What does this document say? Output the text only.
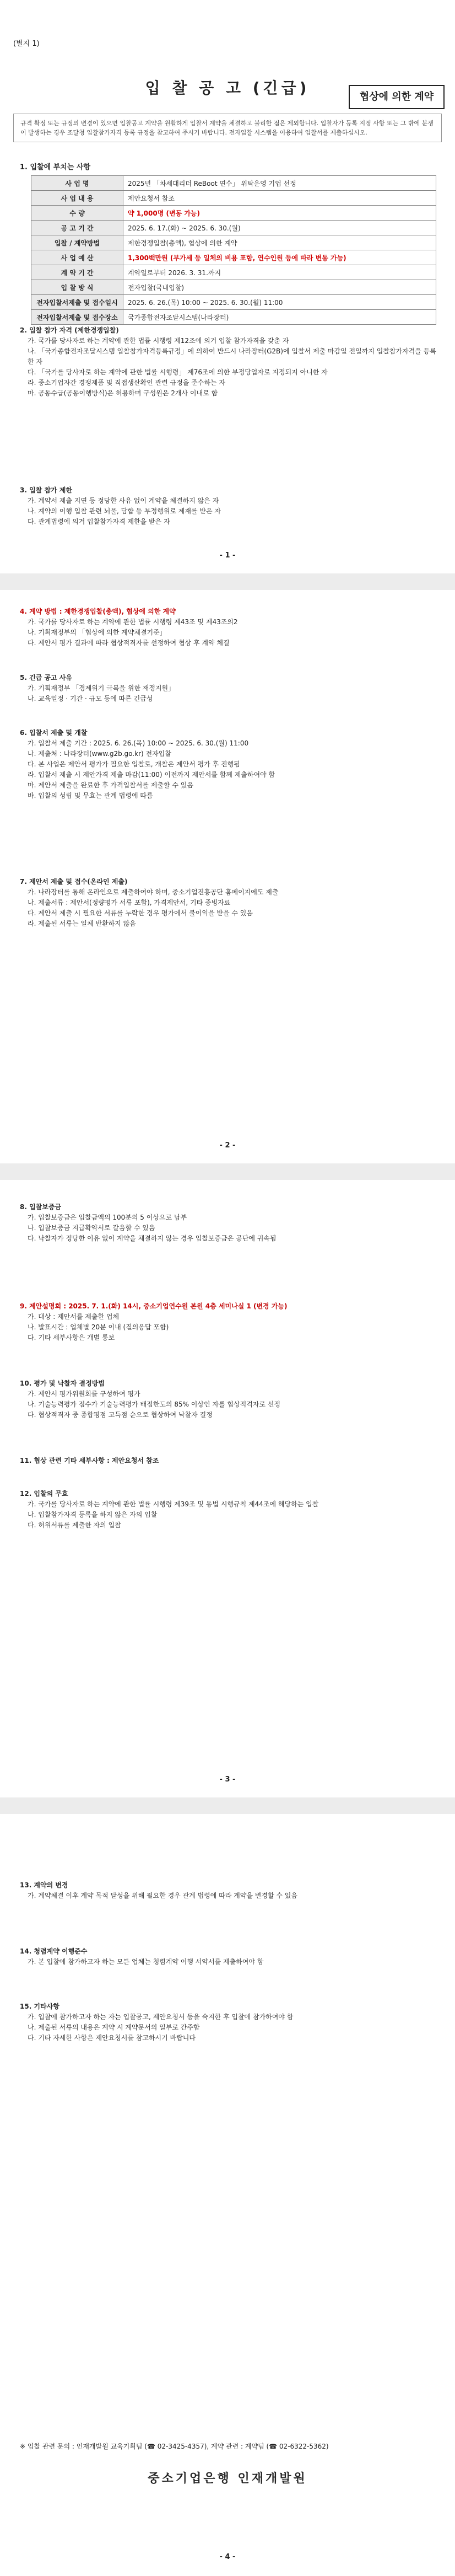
(별지 1)
입 찰 공 고 (긴급)	협상에 의한 계약
규격 확정 또는 규정의 변경이 있으면 입찰공고 계약을 원활하게 입찰서 계약을 체결하고 불리한 점은 제외합니다. 입찰자가 등록 지정 사항 또는 그 밖에 분쟁이 발생하는 경우 조달청 입찰참가자격 등록 규정을 참고하여 주시기 바랍니다. 전자입찰 시스템을 이용하여 입찰서를 제출하십시오.
1. 입찰에 부치는 사항
사 업 명	2025년 「차세대리더 ReBoot 연수」 위탁운영 기업 선정
사 업 내 용	제안요청서 참조
수 량	약 1,000명 (변동 가능)
공 고 기 간	2025. 6. 17.(화) ~ 2025. 6. 30.(월)
입찰 / 계약방법	제한경쟁입찰(총액), 협상에 의한 계약
사 업 예 산	1,300백만원 (부가세 등 일체의 비용 포함, 연수인원 등에 따라 변동 가능)
계 약 기 간	계약일로부터 2026. 3. 31.까지
입 찰 방 식	전자입찰(국내입찰)
전자입찰서제출 및 접수일시	2025. 6. 26.(목) 10:00 ~ 2025. 6. 30.(월) 11:00
전자입찰서제출 및 접수장소	국가종합전자조달시스템(나라장터)

2. 입찰 참가 자격 (제한경쟁입찰)

가. 국가를 당사자로 하는 계약에 관한 법률 시행령 제12조에 의거 입찰 참가자격을 갖춘 자

나. 「국가종합전자조달시스템 입찰참가자격등록규정」에 의하여 반드시 나라장터(G2B)에 입찰서 제출 마감일 전일까지 입찰참가자격을 등록한 자

다. 「국가를 당사자로 하는 계약에 관한 법률 시행령」 제76조에 의한 부정당업자로 지정되지 아니한 자

라. 중소기업자간 경쟁제품 및 직접생산확인 관련 규정을 준수하는 자

마. 공동수급(공동이행방식)은 허용하며 구성원은 2개사 이내로 함

3. 입찰 참가 제한

가. 계약서 제출 지연 등 정당한 사유 없이 계약을 체결하지 않은 자

나. 계약의 이행 입찰 관련 뇌물, 담합 등 부정행위로 제재를 받은 자

다. 관계법령에 의거 입찰참가자격 제한을 받은 자

- 1 -

4. 계약 방법 : 제한경쟁입찰(총액), 협상에 의한 계약

가. 국가를 당사자로 하는 계약에 관한 법률 시행령 제43조 및 제43조의2

나. 기획재정부의 「협상에 의한 계약체결기준」

다. 제안서 평가 결과에 따라 협상적격자를 선정하여 협상 후 계약 체결

5. 긴급 공고 사유

가. 기획재정부 「경제위기 극복을 위한 재정지원」

나. 교육일정 · 기간 · 규모 등에 따른 긴급성

6. 입찰서 제출 및 개찰

가. 입찰서 제출 기간 : 2025. 6. 26.(목) 10:00 ~ 2025. 6. 30.(월) 11:00

나. 제출처 : 나라장터(www.g2b.go.kr) 전자입찰

다. 본 사업은 제안서 평가가 필요한 입찰로, 개찰은 제안서 평가 후 진행됨

라. 입찰서 제출 시 제안가격 제출 마감(11:00) 이전까지 제안서를 함께 제출하여야 함

마. 제안서 제출을 완료한 후 가격입찰서를 제출할 수 있음

바. 입찰의 성립 및 무효는 관계 법령에 따름

7. 제안서 제출 및 접수(온라인 제출)

가. 나라장터를 통해 온라인으로 제출하여야 하며, 중소기업진흥공단 홈페이지에도 제출

나. 제출서류 : 제안서(정량평가 서류 포함), 가격제안서, 기타 증빙자료

다. 제안서 제출 시 필요한 서류를 누락한 경우 평가에서 불이익을 받을 수 있음

라. 제출된 서류는 일체 반환하지 않음

- 2 -

8. 입찰보증금

가. 입찰보증금은 입찰금액의 100분의 5 이상으로 납부

나. 입찰보증금 지급확약서로 갈음할 수 있음

다. 낙찰자가 정당한 이유 없이 계약을 체결하지 않는 경우 입찰보증금은 공단에 귀속됨

9. 제안설명회 : 2025. 7. 1.(화) 14시, 중소기업연수원 본원 4층 세미나실 1 (변경 가능)

가. 대상 : 제안서를 제출한 업체

나. 발표시간 : 업체별 20분 이내 (질의응답 포함)

다. 기타 세부사항은 개별 통보

10. 평가 및 낙찰자 결정방법

가. 제안서 평가위원회를 구성하여 평가

나. 기술능력평가 점수가 기술능력평가 배점한도의 85% 이상인 자를 협상적격자로 선정

다. 협상적격자 중 종합평점 고득점 순으로 협상하여 낙찰자 결정

11. 협상 관련 기타 세부사항 : 제안요청서 참조

12. 입찰의 무효

가. 국가를 당사자로 하는 계약에 관한 법률 시행령 제39조 및 동법 시행규칙 제44조에 해당하는 입찰

나. 입찰참가자격 등록을 하지 않은 자의 입찰

다. 허위서류를 제출한 자의 입찰

- 3 -

13. 계약의 변경

가. 계약체결 이후 계약 목적 달성을 위해 필요한 경우 관계 법령에 따라 계약을 변경할 수 있음

14. 청렴계약 이행준수

가. 본 입찰에 참가하고자 하는 모든 업체는 청렴계약 이행 서약서를 제출하여야 함

15. 기타사항

가. 입찰에 참가하고자 하는 자는 입찰공고, 제안요청서 등을 숙지한 후 입찰에 참가하여야 함

나. 제출된 서류의 내용은 계약 시 계약문서의 일부로 간주함

다. 기타 자세한 사항은 제안요청서를 참고하시기 바랍니다

- 4 -
※ 입찰 관련 문의 : 인재개발원 교육기획팀 (☎ 02-3425-4357), 계약 관련 : 계약팀 (☎ 02-6322-5362)
중소기업은행 인재개발원
